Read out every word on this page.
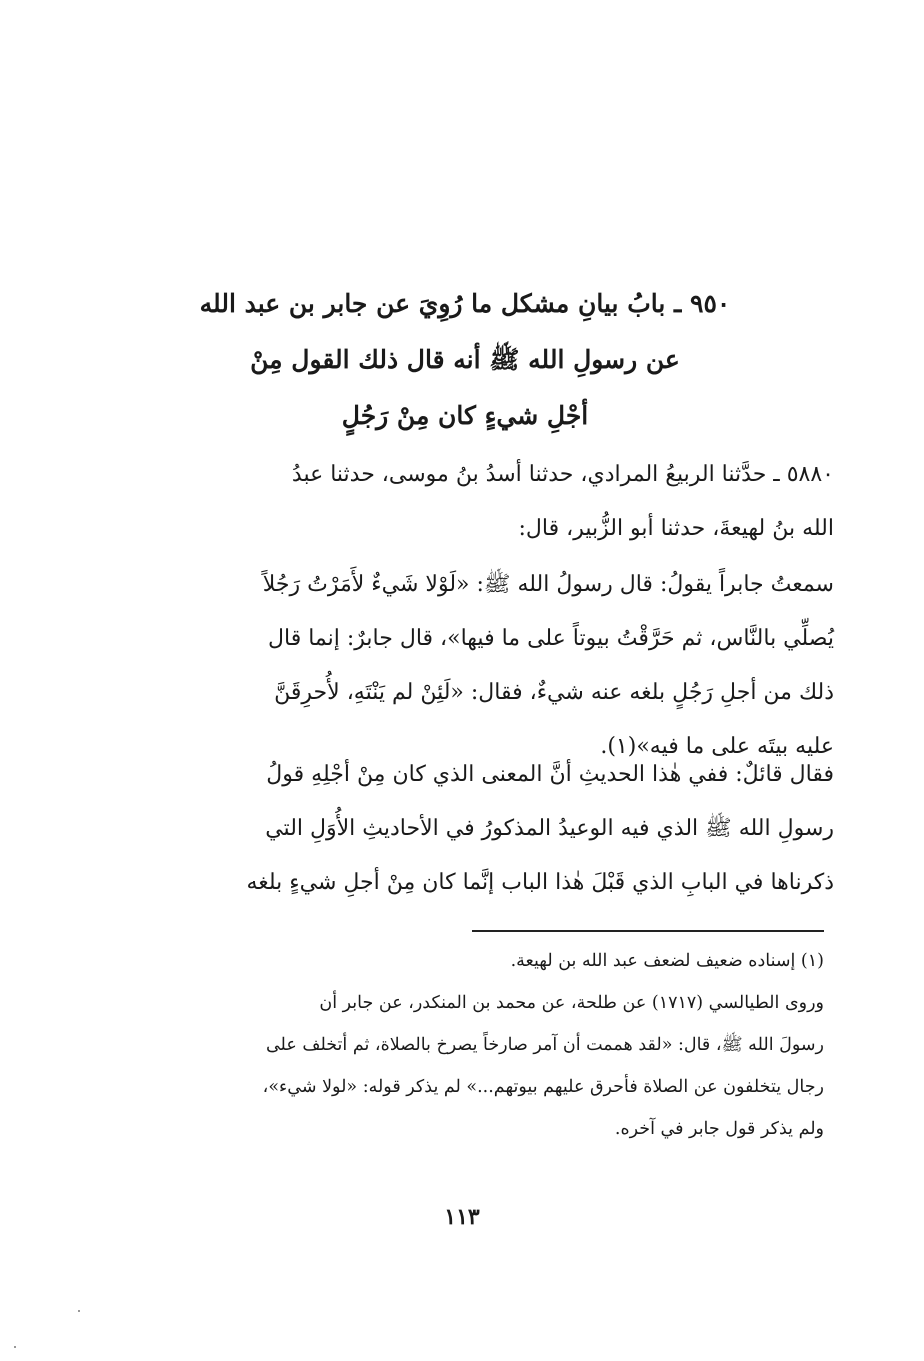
٩٥٠ ـ بابُ بيانِ مشكل ما رُوِيَ عن جابر بن عبد الله
عن رسولِ الله ﷺ أنه قال ذلك القول مِنْ
أجْلِ شيءٍ كان مِنْ رَجُلٍ
٥٨٨٠ ـ حدَّثنا الربيعُ المرادي، حدثنا أسدُ بنُ موسى، حدثنا عبدُ
الله بنُ لهيعةَ، حدثنا أبو الزُّبير، قال:
سمعتُ جابراً يقولُ: قال رسولُ الله ﷺ: «لَوْلا شَيءٌ لأَمَرْتُ رَجُلاً
يُصلِّي بالنَّاس، ثم حَرَّقْتُ بيوتاً على ما فيها»، قال جابرٌ: إنما قال
ذلك من أجلِ رَجُلٍ بلغه عنه شيءٌ، فقال: «لَئِنْ لم يَنْتَهِ، لأُحرِقَنَّ
عليه بيتَه على ما فيه»(١).
فقال قائلٌ: ففي هٰذا الحديثِ أنَّ المعنى الذي كان مِنْ أجْلِهِ قولُ
رسولِ الله ﷺ الذي فيه الوعيدُ المذكورُ في الأحاديثِ الأُوَلِ التي
ذكرناها في البابِ الذي قَبْلَ هٰذا الباب إنَّما كان مِنْ أجلِ شيءٍ بلغه
(١) إسناده ضعيف لضعف عبد الله بن لهيعة.
وروى الطيالسي (١٧١٧) عن طلحة، عن محمد بن المنكدر، عن جابر أن
رسولَ الله ﷺ، قال: «لقد هممت أن آمر صارخاً يصرخ بالصلاة، ثم أتخلف على
رجال يتخلفون عن الصلاة فأحرق عليهم بيوتهم...» لم يذكر قوله: «لولا شيء»،
ولم يذكر قول جابر في آخره.
١١٣
